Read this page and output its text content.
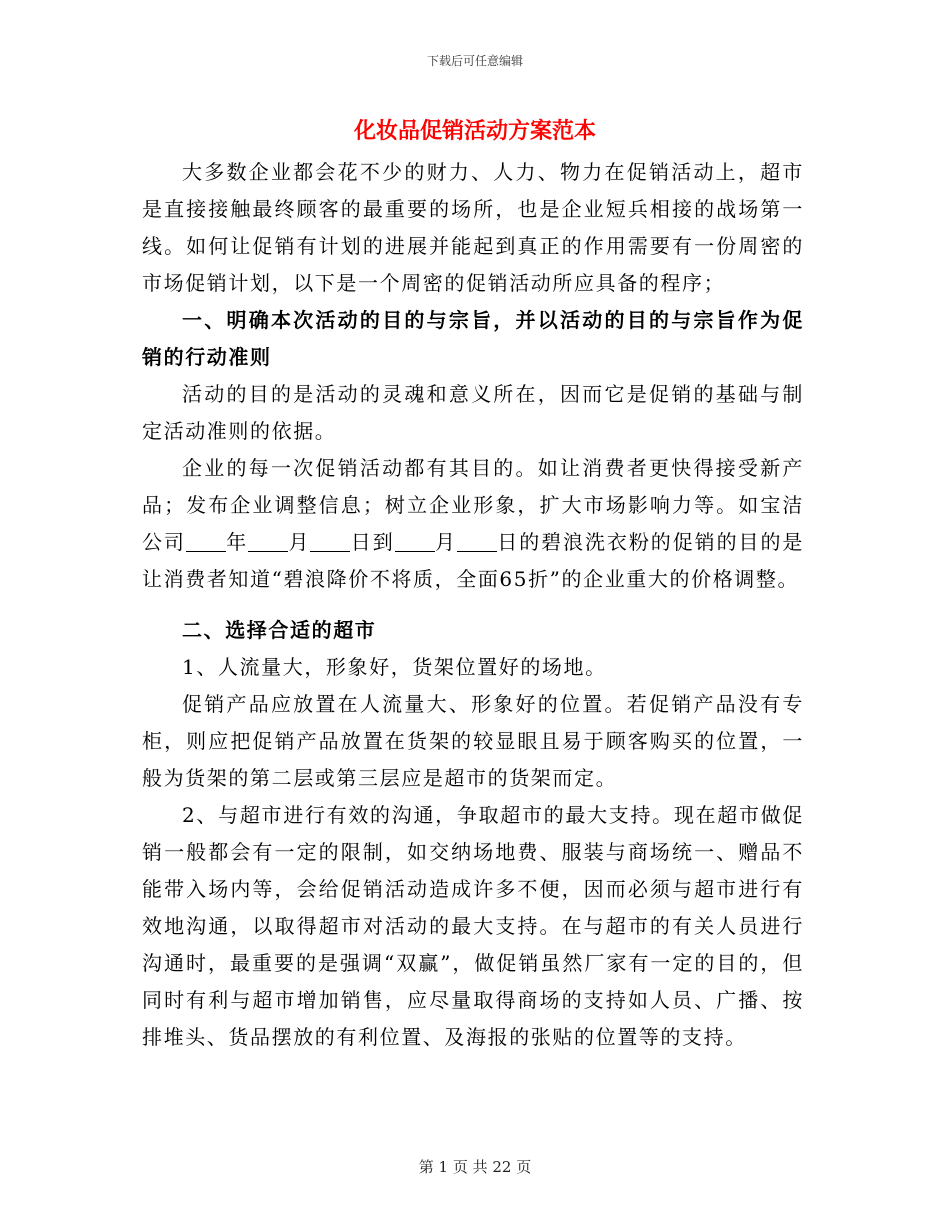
下载后可任意编辑
化妆品促销活动方案范本

大多数企业都会花不少的财力、人力、物力在促销活动上，超市是直接接触最终顾客的最重要的场所，也是企业短兵相接的战场第一线。如何让促销有计划的进展并能起到真正的作用需要有一份周密的市场促销计划，以下是一个周密的促销活动所应具备的程序；

一、明确本次活动的目的与宗旨，并以活动的目的与宗旨作为促销的行动准则

活动的目的是活动的灵魂和意义所在，因而它是促销的基础与制定活动准则的依据。

企业的每一次促销活动都有其目的。如让消费者更快得接受新产品；发布企业调整信息；树立企业形象，扩大市场影响力等。如宝洁公司 年 月 日到 月 日的碧浪洗衣粉的促销的目的是让消费者知道“碧浪降价不将质，全面65折”的企业重大的价格调整。

二、选择合适的超市

1、人流量大，形象好，货架位置好的场地。

促销产品应放置在人流量大、形象好的位置。若促销产品没有专柜，则应把促销产品放置在货架的较显眼且易于顾客购买的位置，一般为货架的第二层或第三层应是超市的货架而定。

2、与超市进行有效的沟通，争取超市的最大支持。现在超市做促销一般都会有一定的限制，如交纳场地费、服装与商场统一、赠品不能带入场内等，会给促销活动造成许多不便，因而必须与超市进行有效地沟通，以取得超市对活动的最大支持。在与超市的有关人员进行沟通时，最重要的是强调“双赢”，做促销虽然厂家有一定的目的，但同时有利与超市增加销售，应尽量取得商场的支持如人员、广播、按排堆头、货品摆放的有利位置、及海报的张贴的位置等的支持。

第 1 页 共 22 页
